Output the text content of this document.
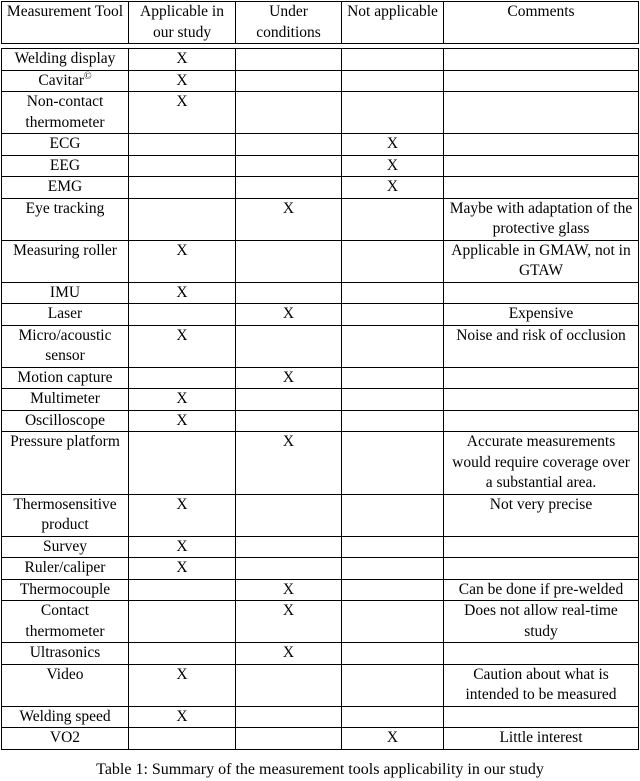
Measurement Tool	Applicable in our study	Under conditions	Not applicable	Comments

Welding display	X			
Cavitar©	X			
Non-contact thermometer	X			
ECG			X	
EEG			X	
EMG			X	
Eye tracking		X		Maybe with adaptation of the protective glass
Measuring roller	X			Applicable in GMAW, not in GTAW
IMU	X			
Laser		X		Expensive
Micro/acoustic sensor	X			Noise and risk of occlusion
Motion capture		X		
Multimeter	X			
Oscilloscope	X			
Pressure platform		X		Accurate measurements would require coverage over a substantial area.
Thermosensitive product	X			Not very precise
Survey	X			
Ruler/caliper	X			
Thermocouple		X		Can be done if pre-welded
Contact thermometer		X		Does not allow real-time study
Ultrasonics		X		
Video	X			Caution about what is intended to be measured
Welding speed	X			
VO2			X	Little interest
Table 1: Summary of the measurement tools applicability in our study
